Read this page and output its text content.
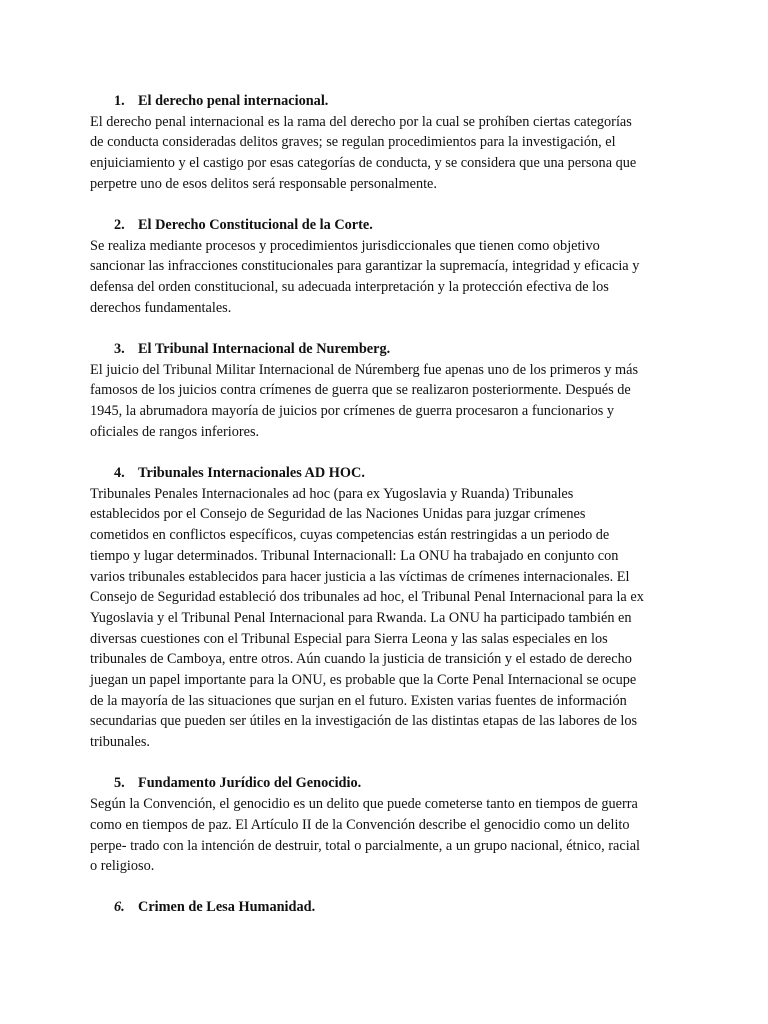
1. El derecho penal internacional.

El derecho penal internacional es la rama del derecho por la cual se prohíben ciertas categorías
de conducta consideradas delitos graves; se regulan procedimientos para la investigación, el
enjuiciamiento y el castigo por esas categorías de conducta, y se considera que una persona que
perpetre uno de esos delitos será responsable personalmente.

2. El Derecho Constitucional de la Corte.

Se realiza mediante procesos y procedimientos jurisdiccionales que tienen como objetivo
sancionar las infracciones constitucionales para garantizar la supremacía, integridad y eficacia y
defensa del orden constitucional, su adecuada interpretación y la protección efectiva de los
derechos fundamentales.

3. El Tribunal Internacional de Nuremberg.

El juicio del Tribunal Militar Internacional de Núremberg fue apenas uno de los primeros y más
famosos de los juicios contra crímenes de guerra que se realizaron posteriormente. Después de
1945, la abrumadora mayoría de juicios por crímenes de guerra procesaron a funcionarios y
oficiales de rangos inferiores.

4. Tribunales Internacionales AD HOC.

Tribunales Penales Internacionales ad hoc (para ex Yugoslavia y Ruanda) Tribunales
establecidos por el Consejo de Seguridad de las Naciones Unidas para juzgar crímenes
cometidos en conflictos específicos, cuyas competencias están restringidas a un periodo de
tiempo y lugar determinados. Tribunal Internacionall: La ONU ha trabajado en conjunto con
varios tribunales establecidos para hacer justicia a las víctimas de crímenes internacionales. El
Consejo de Seguridad estableció dos tribunales ad hoc, el Tribunal Penal Internacional para la ex
Yugoslavia y el Tribunal Penal Internacional para Rwanda. La ONU ha participado también en
diversas cuestiones con el Tribunal Especial para Sierra Leona y las salas especiales en los
tribunales de Camboya, entre otros. Aún cuando la justicia de transición y el estado de derecho
juegan un papel importante para la ONU, es probable que la Corte Penal Internacional se ocupe
de la mayoría de las situaciones que surjan en el futuro. Existen varias fuentes de información
secundarias que pueden ser útiles en la investigación de las distintas etapas de las labores de los
tribunales.

5. Fundamento Jurídico del Genocidio.

Según la Convención, el genocidio es un delito que puede cometerse tanto en tiempos de guerra
como en tiempos de paz. El Artículo II de la Convención describe el genocidio como un delito
perpe- trado con la intención de destruir, total o parcialmente, a un grupo nacional, étnico, racial
o religioso.

6. Crimen de Lesa Humanidad.
